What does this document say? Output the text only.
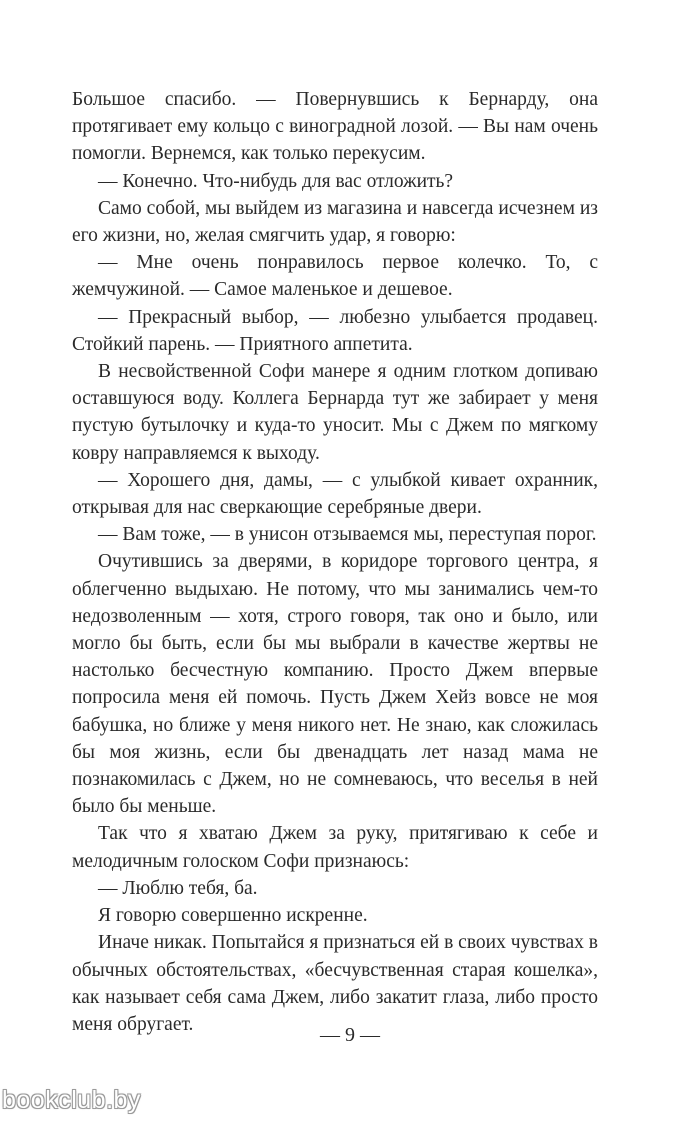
Большое спасибо. — Повернувшись к Бернарду, она протягивает ему кольцо с виноградной лозой. — Вы нам очень помогли. Вернемся, как только перекусим.

— Конечно. Что-нибудь для вас отложить?

Само собой, мы выйдем из магазина и навсегда исчезнем из его жизни, но, желая смягчить удар, я говорю:

— Мне очень понравилось первое колечко. То, с жемчужиной. — Самое маленькое и дешевое.

— Прекрасный выбор, — любезно улыбается продавец. Стойкий парень. — Приятного аппетита.

В несвойственной Софи манере я одним глотком допиваю оставшуюся воду. Коллега Бернарда тут же забирает у меня пустую бутылочку и куда-то уносит. Мы с Джем по мягкому ковру направляемся к выходу.

— Хорошего дня, дамы, — с улыбкой кивает охранник, открывая для нас сверкающие серебряные двери.

— Вам тоже, — в унисон отзываемся мы, переступая порог.

Очутившись за дверями, в коридоре торгового центра, я облегченно выдыхаю. Не потому, что мы занимались чем-то недозволенным — хотя, строго говоря, так оно и было, или могло бы быть, если бы мы выбрали в качестве жертвы не настолько бесчестную компанию. Просто Джем впервые попросила меня ей помочь. Пусть Джем Хейз вовсе не моя бабушка, но ближе у меня никого нет. Не знаю, как сложилась бы моя жизнь, если бы двенадцать лет назад мама не познакомилась с Джем, но не сомневаюсь, что веселья в ней было бы меньше.

Так что я хватаю Джем за руку, притягиваю к себе и мелодичным голоском Софи признаюсь:

— Люблю тебя, ба.

Я говорю совершенно искренне.

Иначе никак. Попытайся я признаться ей в своих чувствах в обычных обстоятельствах, «бесчувственная старая кошелка», как называет себя сама Джем, либо закатит глаза, либо просто меня обругает.	— 9 —
bookclub.by
